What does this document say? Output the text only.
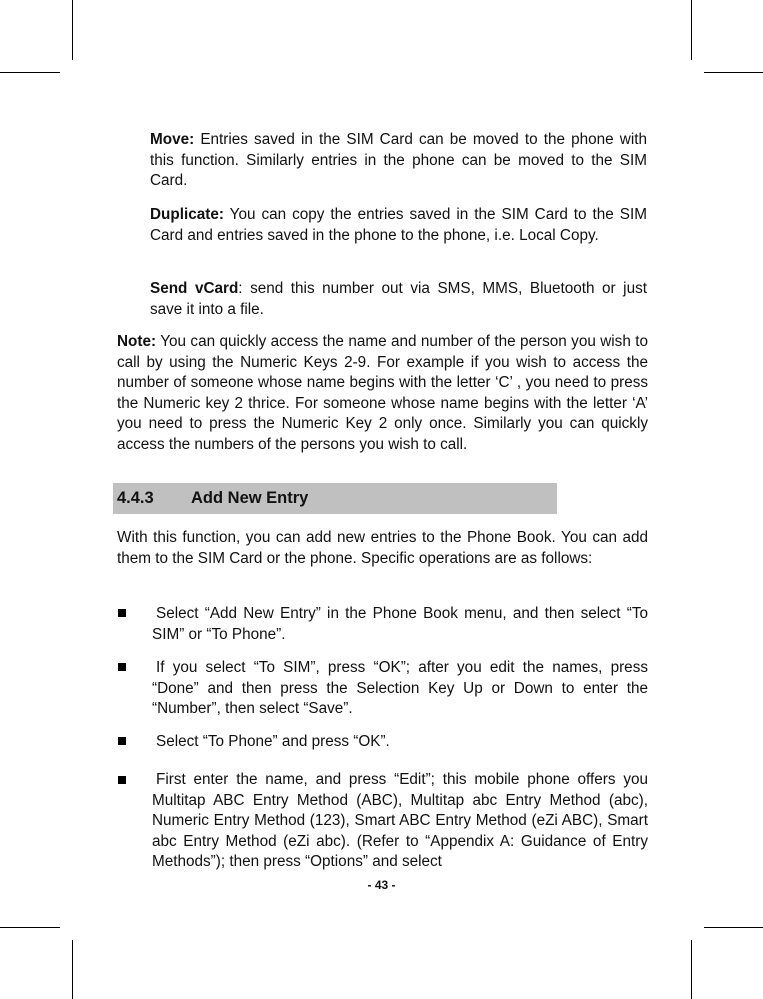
Move: Entries saved in the SIM Card can be moved to the phone with this function. Similarly entries in the phone can be moved to the SIM Card.

Duplicate: You can copy the entries saved in the SIM Card to the SIM Card and entries saved in the phone to the phone, i.e. Local Copy.

Send vCard: send this number out via SMS, MMS, Bluetooth or just save it into a file.

Note: You can quickly access the name and number of the person you wish to call by using the Numeric Keys 2-9. For example if you wish to access the number of someone whose name begins with the letter ‘C’ , you need to press the Numeric key 2 thrice. For someone whose name begins with the letter ‘A’ you need to press the Numeric Key 2 only once. Similarly you can quickly access the numbers of the persons you wish to call.

4.4.3 Add New Entry

With this function, you can add new entries to the Phone Book. You can add them to the SIM Card or the phone. Specific operations are as follows:

Select “Add New Entry” in the Phone Book menu, and then select “To SIM” or “To Phone”.

If you select “To SIM”, press “OK”; after you edit the names, press “Done” and then press the Selection Key Up or Down to enter the “Number”, then select “Save”.

Select “To Phone” and press “OK”.

First enter the name, and press “Edit”; this mobile phone offers you Multitap ABC Entry Method (ABC), Multitap abc Entry Method (abc), Numeric Entry Method (123), Smart ABC Entry Method (eZi ABC), Smart abc Entry Method (eZi abc). (Refer to “Appendix A: Guidance of Entry Methods”); then press “Options” and select

- 43 -
